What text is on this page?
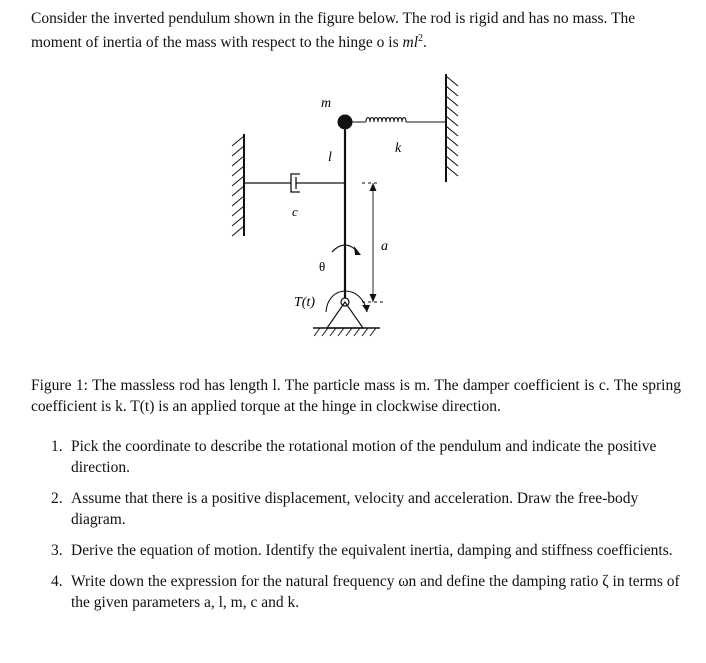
Consider the inverted pendulum shown in the figure below. The rod is rigid and has no mass. The
moment of inertia of the mass with respect to the hinge o is $ml^2$.
m
l
k
c
a
θ
T(t)
Figure 1: The massless rod has length l. The particle mass is m. The damper coefficient is c. The spring coefficient is k. T(t) is an applied torque at the hinge in clockwise direction.
1. Pick the coordinate to describe the rotational motion of the pendulum and indicate the positive direction.
2. Assume that there is a positive displacement, velocity and acceleration. Draw the free-body diagram.
3. Derive the equation of motion. Identify the equivalent inertia, damping and stiffness coefficients.
4. Write down the expression for the natural frequency ωn and define the damping ratio ζ in terms of the given parameters a, l, m, c and k.
